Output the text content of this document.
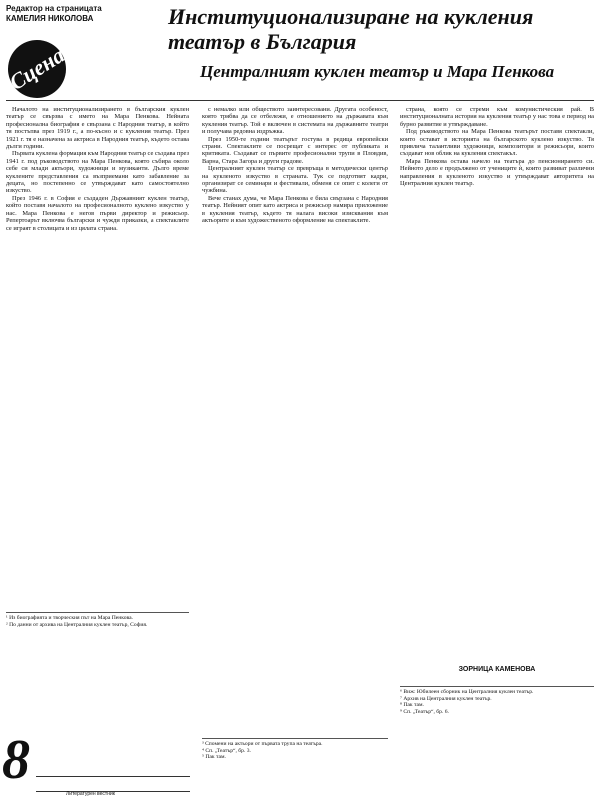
Редактор на страницата
КАМЕЛИЯ НИКОЛОВА
Сцена
Институционализиране на кукления театър в България
Централният куклен театър и Мара Пенкова

Началото на институционализирането в българския куклен театър се свързва с името на Мара Пенкова. Нейната професионална биография е свързана с Народния театър, в който тя постъпва през 1919 г., а по-късно и с кукления театър. През 1921 г. тя е назначена за актриса в Народния театър, където остава дълги години.

Първата кукленa формация към Народния театър се създава през 1941 г. под ръководството на Мара Пенкова, която събира около себе си млади актьори, художници и музиканти. Дълго време куклените представления са възприемани като забавление за децата, но постепенно се утвърждават като самостоятелно изкуство.

През 1946 г. в София е създаден Държавният куклен театър, който поставя началото на професионалното куклено изкуство у нас. Мара Пенкова е негов първи директор и режисьор. Репертоарът включва български и чужди приказки, а спектаклите се играят в столицата и из цялата страна.

с немалко или обществото заинтересовани. Другата особеност, която трябва да се отбележи, е отношението на държавата към кукления театър. Той е включен в системата на държавните театри и получава редовна издръжка.

През 1950-те години театърът гостува в редица европейски страни. Спектаклите се посрещат с интерес от публиката и критиката. Създават се първите професионални трупи в Пловдив, Варна, Стара Загора и други градове.

Централният куклен театър се превръща в методически център на кукленото изкуство в страната. Тук се подготвят кадри, организират се семинари и фестивали, обменя се опит с колеги от чужбина.

Вече станах дума, че Мара Пенкова е била свързана с Народния театър. Нейният опит като актриса и режисьор намира приложение в кукления театър, където тя налага високи изисквания към актьорите и към художественото оформление на спектаклите.

страна, която се стреми към комунистическия рай. В институционалната история на кукления театър у нас това е период на бурно развитие и утвърждаване.

Под ръководството на Мара Пенкова театърът поставя спектакли, които остават в историята на българското куклено изкуство. Тя привлича талантливи художници, композитори и режисьори, които създават нов облик на кукления спектакъл.

Мара Пенкова остава начело на театъра до пенсионирането си. Нейното дело е продължено от учениците ѝ, които развиват различни направления в кукленото изкуство и утвърждават авторитета на Централния куклен театър.

ЗОРНИЦА КАМЕНОВА
¹ Из биографията и творческия път на Мара Пенкова.
² По данни от архива на Централния куклен театър, София.
³ Спомени на актьори от първата трупа на театъра.
⁴ Сп. „Театър“, бр. 3.
⁵ Пак там.
⁶ Виж: Юбилеен сборник на Централния куклен театър.
⁷ Архив на Централния куклен театър.
⁸ Пак там.
⁹ Сп. „Театър“, бр. 6.
8
Литературен вестник
